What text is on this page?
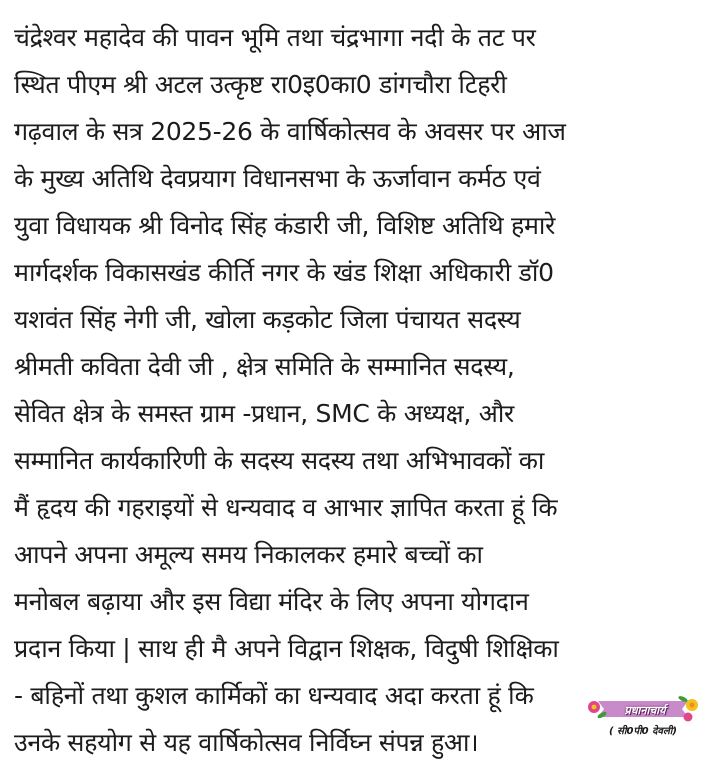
चंद्रेश्वर महादेव की पावन भूमि तथा चंद्रभागा नदी के तट पर
स्थित पीएम श्री अटल उत्कृष्ट रा0इ0का0 डांगचौरा टिहरी
गढ़वाल के सत्र 2025-26 के वार्षिकोत्सव के अवसर पर आज
के मुख्य अतिथि देवप्रयाग विधानसभा के ऊर्जावान कर्मठ एवं
युवा विधायक श्री विनोद सिंह कंडारी जी, विशिष्ट अतिथि हमारे
मार्गदर्शक विकासखंड कीर्ति नगर के खंड शिक्षा अधिकारी डॉ0
यशवंत सिंह नेगी जी, खोला कड़कोट जिला पंचायत सदस्य
श्रीमती कविता देवी जी , क्षेत्र समिति के सम्मानित सदस्य,
सेवित क्षेत्र के समस्त ग्राम -प्रधान, SMC के अध्यक्ष, और
सम्मानित कार्यकारिणी के सदस्य सदस्य तथा अभिभावकों का
मैं हृदय की गहराइयों से धन्यवाद व आभार ज्ञापित करता हूं कि
आपने अपना अमूल्य समय निकालकर हमारे बच्चों का
मनोबल बढ़ाया और इस विद्या मंदिर के लिए अपना योगदान
प्रदान किया | साथ ही मै अपने विद्वान शिक्षक, विदुषी शिक्षिका
- बहिनों तथा कुशल कार्मिकों का धन्यवाद अदा करता हूं कि
उनके सहयोग से यह वार्षिकोत्सव निर्विघ्न संपन्न हुआ।
प्रधानाचार्य
( सी0पी0 देवली)
